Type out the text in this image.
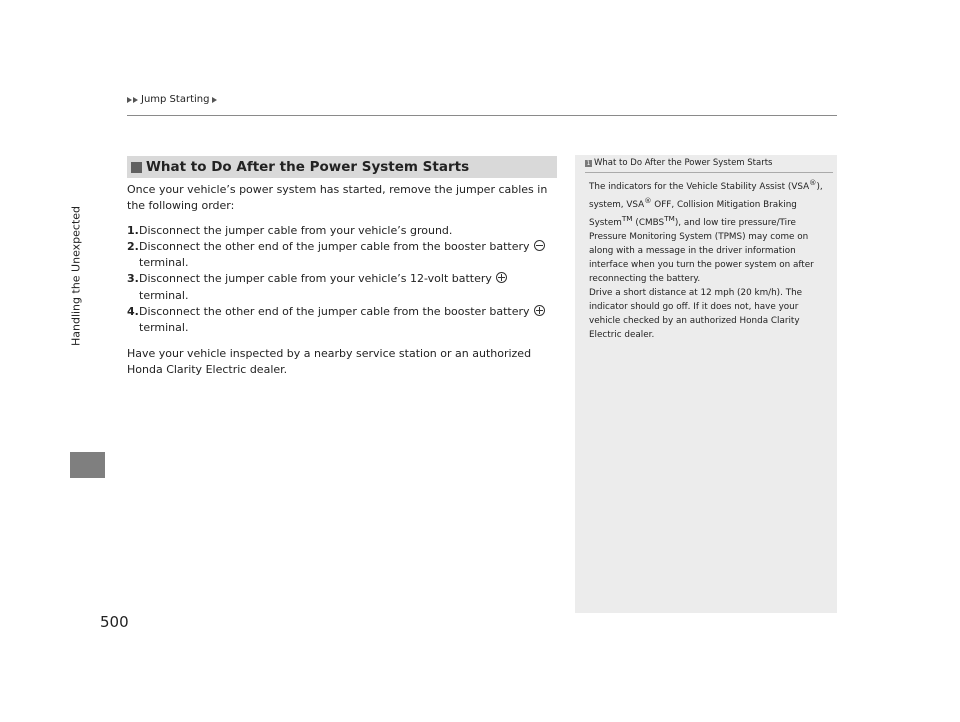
Jump Starting
Handling the Unexpected
500
What to Do After the Power System Starts

Once your vehicle’s power system has started, remove the jumper cables in the following order:

1. Disconnect the jumper cable from your vehicle’s ground.
2. Disconnect the other end of the jumper cable from the booster battery  terminal.
3. Disconnect the jumper cable from your vehicle’s 12-volt battery  terminal.
4. Disconnect the other end of the jumper cable from the booster battery  terminal.

Have your vehicle inspected by a nearby service station or an authorized Honda Clarity Electric dealer.

1 What to Do After the Power System Starts

The indicators for the Vehicle Stability Assist (VSA®), system, VSA® OFF, Collision Mitigation Braking System™ (CMBS™), and low tire pressure/Tire Pressure Monitoring System (TPMS) may come on along with a message in the driver information interface when you turn the power system on after reconnecting the battery.

Drive a short distance at 12 mph (20 km/h). The indicator should go off. If it does not, have your vehicle checked by an authorized Honda Clarity Electric dealer.
